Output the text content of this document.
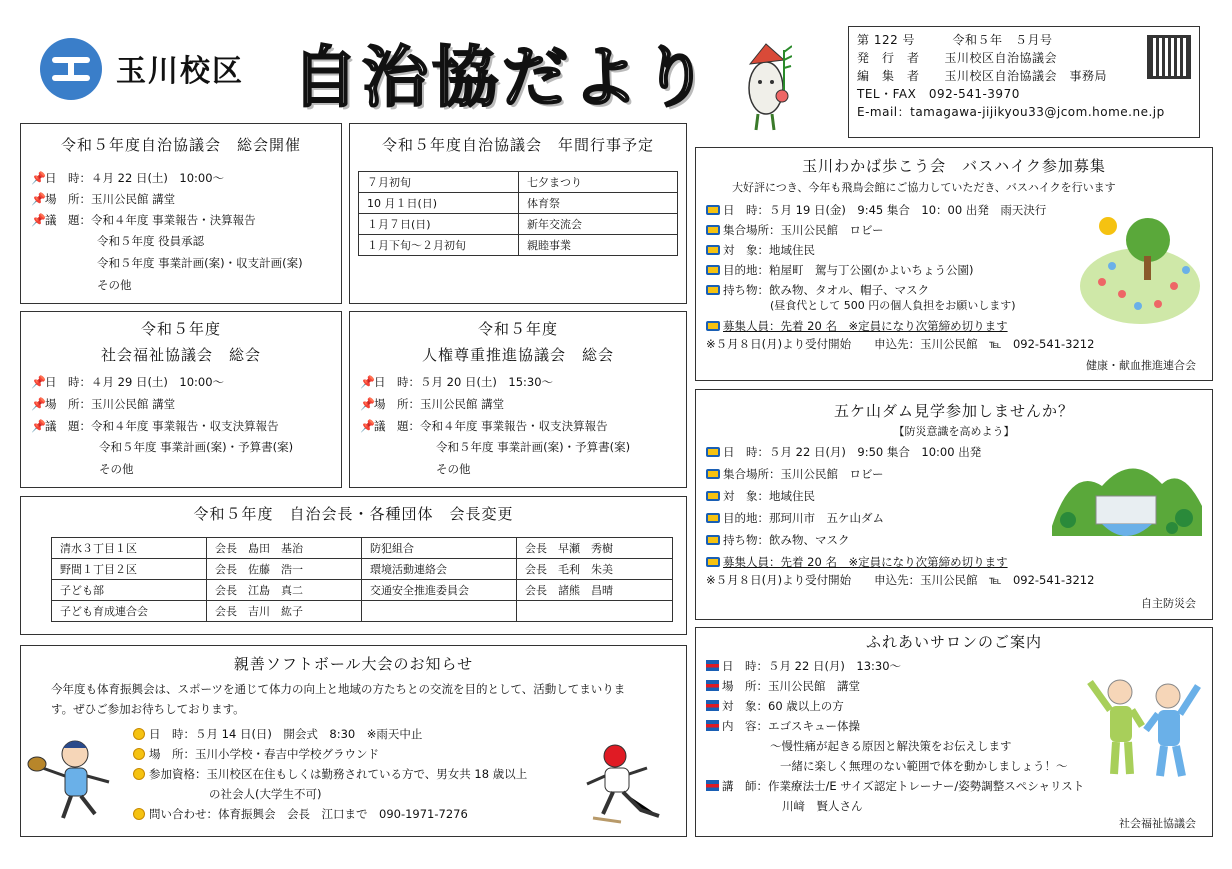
玉川校区 自治協だより	第 122 号　　　令和５年　５月号
発　行　者　　玉川校区自治協議会
編　集　者　　玉川校区自治協議会　事務局
TEL・FAX　092-541-3970
E-mail：tamagawa-jijikyou33@jcom.home.ne.jp
令和５年度自治協議会　総会開催
📌日　時：４月 22 日(土)　10:00～
📌場　所：玉川公民館 講堂
📌議　題：令和４年度 事業報告・決算報告
令和５年度 役員承認
令和５年度 事業計画(案)・収支計画(案)
その他
令和５年度自治協議会　年間行事予定
７月初旬	七夕まつり
10 月１日(日)	体育祭
１月７日(日)	新年交流会
１月下旬～２月初旬	親睦事業
令和５年度
社会福祉協議会　総会
📌日　時：４月 29 日(土)　10:00～
📌場　所：玉川公民館 講堂
📌議　題：令和４年度 事業報告・収支決算報告
令和５年度 事業計画(案)・予算書(案)
その他
令和５年度
人権尊重推進協議会　総会
📌日　時：５月 20 日(土)　15:30～
📌場　所：玉川公民館 講堂
📌議　題：令和４年度 事業報告・収支決算報告
令和５年度 事業計画(案)・予算書(案)
その他
令和５年度　自治会長・各種団体　会長変更
清水３丁目１区	会長　島田　基治	防犯組合	会長　早瀬　秀樹
野間１丁目２区	会長　佐藤　浩一	環境活動連絡会	会長　毛利　朱美
子ども部	会長　江島　真二	交通安全推進委員会	会長　諸熊　昌晴
子ども育成連合会	会長　吉川　紘子		
親善ソフトボール大会のお知らせ
今年度も体育振興会は、スポーツを通じて体力の向上と地域の方たちとの交流を目的として、活動してまいりま
す。ぜひご参加お待ちしております。
日　時：５月 14 日(日)　開会式　8:30　※雨天中止
場　所：玉川小学校・春吉中学校グラウンド
参加資格：玉川校区在住もしくは勤務されている方で、男女共 18 歳以上
の社会人(大学生不可)
問い合わせ：体育振興会　会長　江口まで　090-1971-7276
玉川わかば歩こう会　バスハイク参加募集
大好評につき、今年も飛鳥会館にご協力していただき、バスハイクを行います
日　時：５月 19 日(金)　9:45 集合　10：00 出発　雨天決行
集合場所：玉川公民館　ロビー
対　象：地域住民
目的地：粕屋町　駕与丁公園(かよいちょう公園)
持ち物：飲み物、タオル、帽子、マスク
(昼食代として 500 円の個人負担をお願いします)
募集人員：先着 20 名　※定員になり次第締め切ります
※５月８日(月)より受付開始　　申込先：玉川公民館　℡　092-541-3212
健康・献血推進連合会
五ケ山ダム見学参加しませんか？
【防災意識を高めよう】
日　時：５月 22 日(月)　9:50 集合　10:00 出発
集合場所：玉川公民館　ロビー
対　象：地域住民
目的地：那珂川市　五ケ山ダム
持ち物：飲み物、マスク
募集人員：先着 20 名　※定員になり次第締め切ります
※５月８日(月)より受付開始　　申込先：玉川公民館　℡　092-541-3212
自主防災会
ふれあいサロンのご案内
日　時：５月 22 日(月)　13:30～
場　所：玉川公民館　講堂
対　象：60 歳以上の方
内　容：エゴスキュー体操
～慢性痛が起きる原因と解決策をお伝えします
一緒に楽しく無理のない範囲で体を動かしましょう！～
講　師：作業療法士/E サイズ認定トレーナー/姿勢調整スペシャリスト
川﨑　賢人さん
社会福祉協議会
